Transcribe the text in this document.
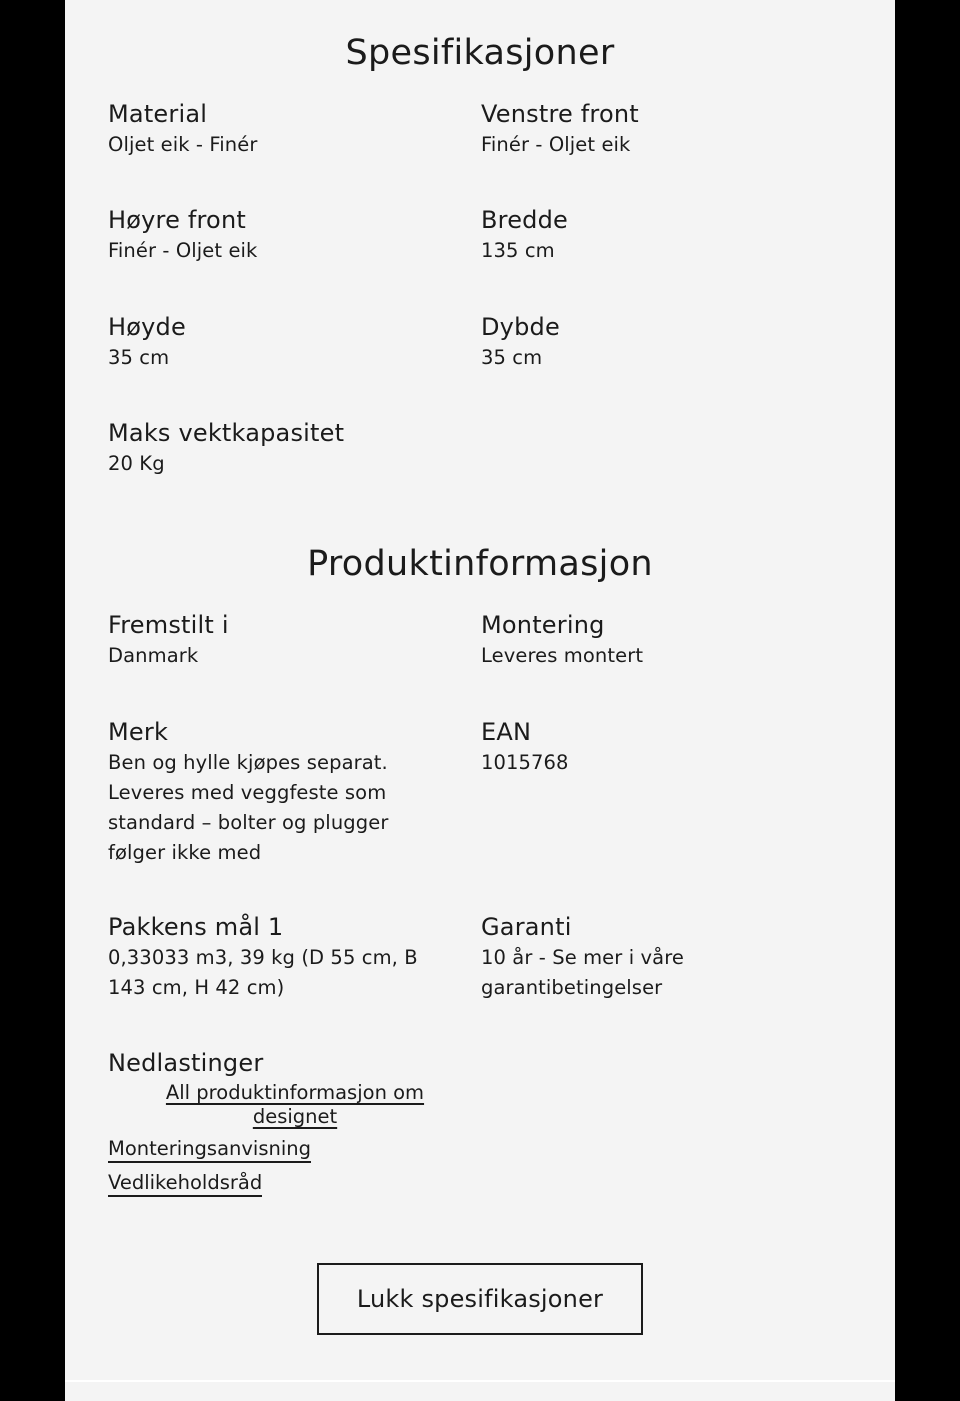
Spesifikasjoner
Material
Oljet eik - Finér
Venstre front
Finér - Oljet eik
Høyre front
Finér - Oljet eik
Bredde
135 cm
Høyde
35 cm
Dybde
35 cm
Maks vektkapasitet
20 Kg
Produktinformasjon
Fremstilt i
Danmark
Montering
Leveres montert
Merk
Ben og hylle kjøpes separat. Leveres med veggfeste som standard – bolter og plugger følger ikke med
EAN
1015768
Pakkens mål 1
0,33033 m3, 39 kg (D 55 cm, B 143 cm, H 42 cm)
Garanti
10 år - Se mer i våre garantibetingelser
Nedlastinger
All produktinformasjon om designet
Monteringsanvisning
Vedlikeholdsråd
Lukk spesifikasjoner
